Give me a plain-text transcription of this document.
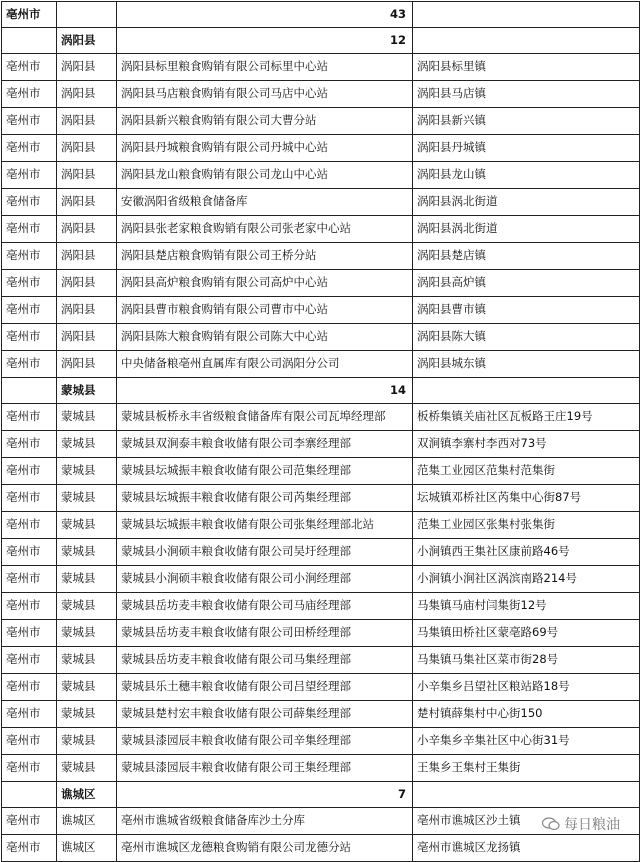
亳州市		43	
	涡阳县	12	
亳州市	涡阳县	涡阳县标里粮食购销有限公司标里中心站	涡阳县标里镇
亳州市	涡阳县	涡阳县马店粮食购销有限公司马店中心站	涡阳县马店镇
亳州市	涡阳县	涡阳县新兴粮食购销有限公司大曹分站	涡阳县新兴镇
亳州市	涡阳县	涡阳县丹城粮食购销有限公司丹城中心站	涡阳县丹城镇
亳州市	涡阳县	涡阳县龙山粮食购销有限公司龙山中心站	涡阳县龙山镇
亳州市	涡阳县	安徽涡阳省级粮食储备库	涡阳县涡北街道
亳州市	涡阳县	涡阳县张老家粮食购销有限公司张老家中心站	涡阳县涡北街道
亳州市	涡阳县	涡阳县楚店粮食购销有限公司王桥分站	涡阳县楚店镇
亳州市	涡阳县	涡阳县高炉粮食购销有限公司高炉中心站	涡阳县高炉镇
亳州市	涡阳县	涡阳县曹市粮食购销有限公司曹市中心站	涡阳县曹市镇
亳州市	涡阳县	涡阳县陈大粮食购销有限公司陈大中心站	涡阳县陈大镇
亳州市	涡阳县	中央储备粮亳州直属库有限公司涡阳分公司	涡阳县城东镇
	蒙城县	14	
亳州市	蒙城县	蒙城县板桥永丰省级粮食储备库有限公司瓦埠经理部	板桥集镇关庙社区瓦板路王庄19号
亳州市	蒙城县	蒙城县双涧泰丰粮食收储有限公司李寨经理部	双涧镇李寨村李西对73号
亳州市	蒙城县	蒙城县坛城振丰粮食收储有限公司范集经理部	范集工业园区范集村范集街
亳州市	蒙城县	蒙城县坛城振丰粮食收储有限公司芮集经理部	坛城镇邓桥社区芮集中心街87号
亳州市	蒙城县	蒙城县坛城振丰粮食收储有限公司张集经理部北站	范集工业园区张集村张集街
亳州市	蒙城县	蒙城县小涧硕丰粮食收储有限公司吴圩经理部	小涧镇西王集社区康前路46号
亳州市	蒙城县	蒙城县小涧硕丰粮食收储有限公司小涧经理部	小涧镇小涧社区涡滨南路214号
亳州市	蒙城县	蒙城县岳坊麦丰粮食收储有限公司马庙经理部	马集镇马庙村闫集街12号
亳州市	蒙城县	蒙城县岳坊麦丰粮食收储有限公司田桥经理部	马集镇田桥社区蒙亳路69号
亳州市	蒙城县	蒙城县岳坊麦丰粮食收储有限公司马集经理部	马集镇马集社区菜市街28号
亳州市	蒙城县	蒙城县乐土穗丰粮食收储有限公司吕望经理部	小辛集乡吕望社区粮站路18号
亳州市	蒙城县	蒙城县楚村宏丰粮食收储有限公司薛集经理部	楚村镇薛集村中心街150
亳州市	蒙城县	蒙城县漆园辰丰粮食收储有限公司辛集经理部	小辛集乡辛集社区中心街31号
亳州市	蒙城县	蒙城县漆园辰丰粮食收储有限公司王集经理部	王集乡王集村王集街
	谯城区	7	
亳州市	谯城区	亳州市谯城省级粮食储备库沙土分库	亳州市谯城区沙土镇
亳州市	谯城区	亳州市谯城区龙德粮食购销有限公司龙德分站	亳州市谯城区龙扬镇
每日粮油
